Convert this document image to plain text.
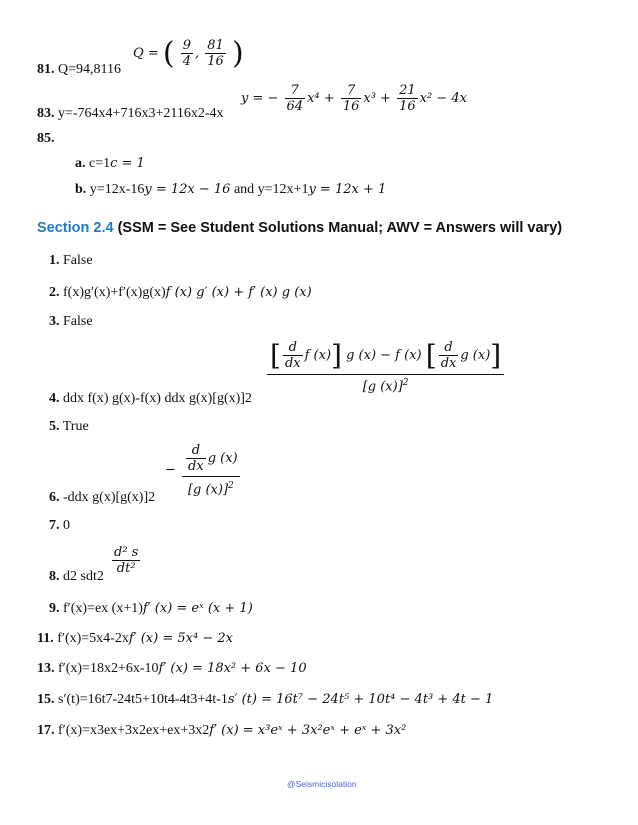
81. Q=94,8116
Q = ( $\frac{9}{4}$ , $\frac{81}{16}$ )
83. y=-764x4+716x3+2116x2-4x
y = − $\frac{7}{64} x^4 + \frac{7}{16} x^3 + \frac{21}{16} x^2 - 4x$
85.
a. c=1c = 1
b. y=12x-16y = 12x − 16 and y=12x+1y = 12x + 1
Section 2.4 (SSM = See Student Solutions Manual; AWV = Answers will vary)
1. False
2. f(x)g′(x)+f′(x)g(x)f (x) g′ (x) + f′ (x) g (x)
3. False
[ $\frac{d}{dx}$ f (x)] g (x) − f (x) [ $\frac{d}{dx}$ g (x)]
[g (x)]$^2$
4. ddx f(x) g(x)-f(x) ddx g(x)[g(x)]2
5. True
− $\frac{\frac{d}{dx} g (x)}{[g (x)]^2}$
6. -ddx g(x)[g(x)]2
7. 0
$\frac{\text{d² s}}{\text{dt²}}$
8. d2 sdt2
9. f′(x)=ex (x+1)f′ (x) = eˣ (x + 1)
11. f′(x)=5x4-2xf′ (x) = 5x⁴ − 2x
13. f′(x)=18x2+6x-10f′ (x) = 18x² + 6x − 10
15. s′(t)=16t7-24t5+10t4-4t3+4t-1s′ (t) = 16t⁷ − 24t⁵ + 10t⁴ − 4t³ + 4t − 1
17. f′(x)=x3ex+3x2ex+ex+3x2f′ (x) = x³eˣ + 3x²eˣ + eˣ + 3x²
@Seismicisolation
